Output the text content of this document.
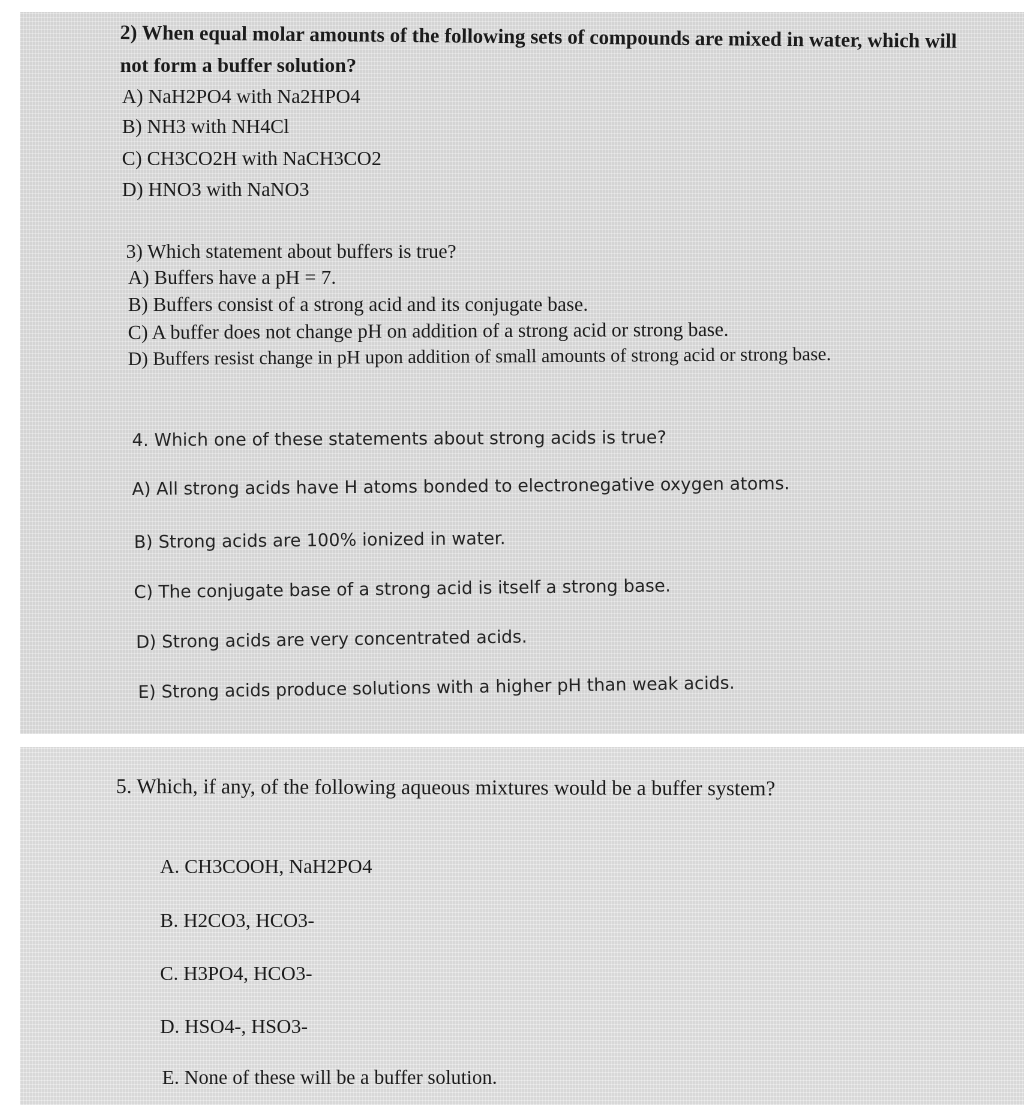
2) When equal molar amounts of the following sets of compounds are mixed in water, which will
not form a buffer solution?
A) NaH2PO4 with Na2HPO4
B) NH3 with NH4Cl
C) CH3CO2H with NaCH3CO2
D) HNO3 with NaNO3
3) Which statement about buffers is true?
A) Buffers have a pH = 7.
B) Buffers consist of a strong acid and its conjugate base.
C) A buffer does not change pH on addition of a strong acid or strong base.
D) Buffers resist change in pH upon addition of small amounts of strong acid or strong base.
4. Which one of these statements about strong acids is true?
A) All strong acids have H atoms bonded to electronegative oxygen atoms.
B) Strong acids are 100% ionized in water.
C) The conjugate base of a strong acid is itself a strong base.
D) Strong acids are very concentrated acids.
E) Strong acids produce solutions with a higher pH than weak acids.
5. Which, if any, of the following aqueous mixtures would be a buffer system?
A. CH3COOH, NaH2PO4
B. H2CO3, HCO3-
C. H3PO4, HCO3-
D. HSO4-, HSO3-
E. None of these will be a buffer solution.
